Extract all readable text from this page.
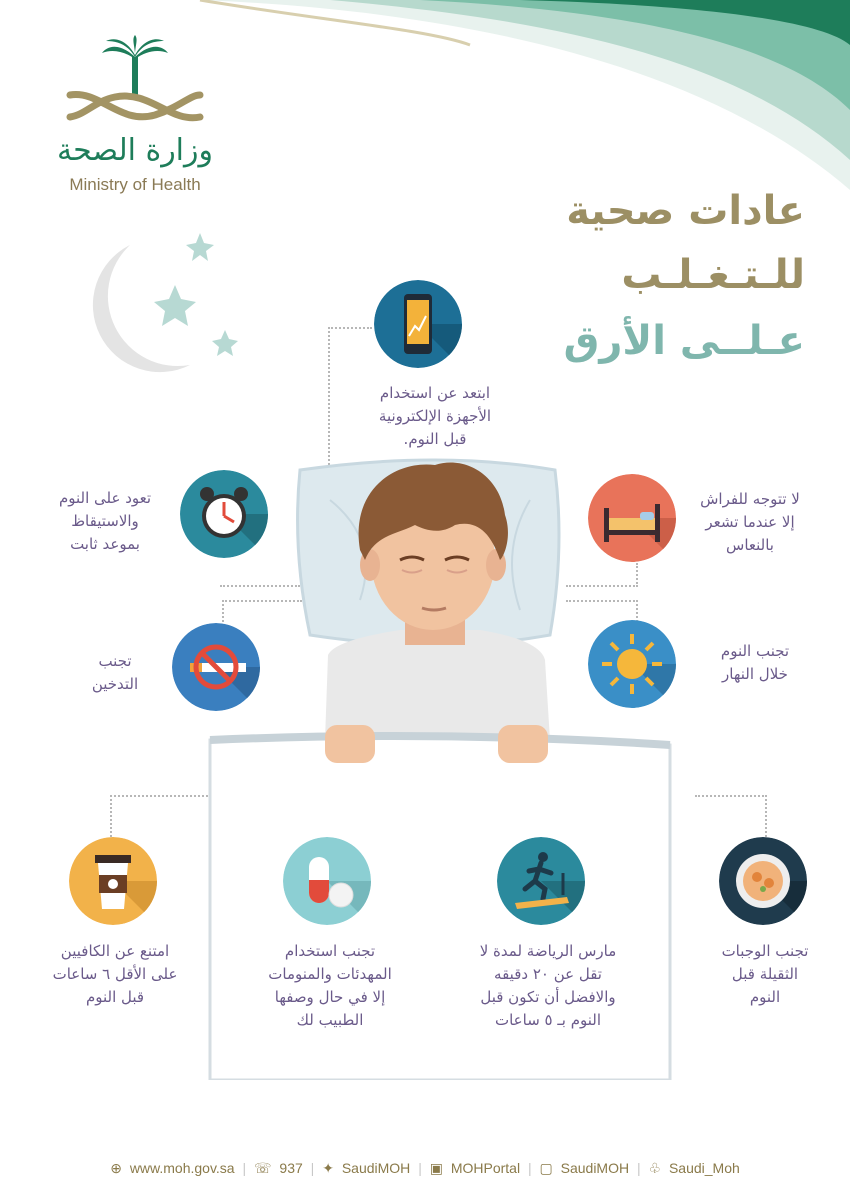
وزارة الصحة
Ministry of Health
عادات صحية
للـتـغـلـب
عـلــى الأرق
ابتعد عن استخدام
الأجهزة الإلكترونية
قبل النوم.
تعود على النوم
والاستيقاظ
بموعد ثابت
لا تتوجه للفراش
إلا عندما تشعر
بالنعاس
تجنب
التدخين
تجنب النوم
خلال النهار
امتنع عن الكافيين
على الأقل ٦ ساعات
قبل النوم
تجنب استخدام
المهدئات والمنومات
إلا في حال وصفها
الطبيب لك
مارس الرياضة لمدة لا
تقل عن ٢٠ دقيقه
والافضل أن تكون قبل
النوم بـ ٥ ساعات
تجنب الوجبات
الثقيلة قبل
النوم
⊕ www.moh.gov.sa | ☏ 937 | ✦ SaudiMOH | ▣ MOHPortal | ▢ SaudiMOH | ♧ Saudi_Moh
